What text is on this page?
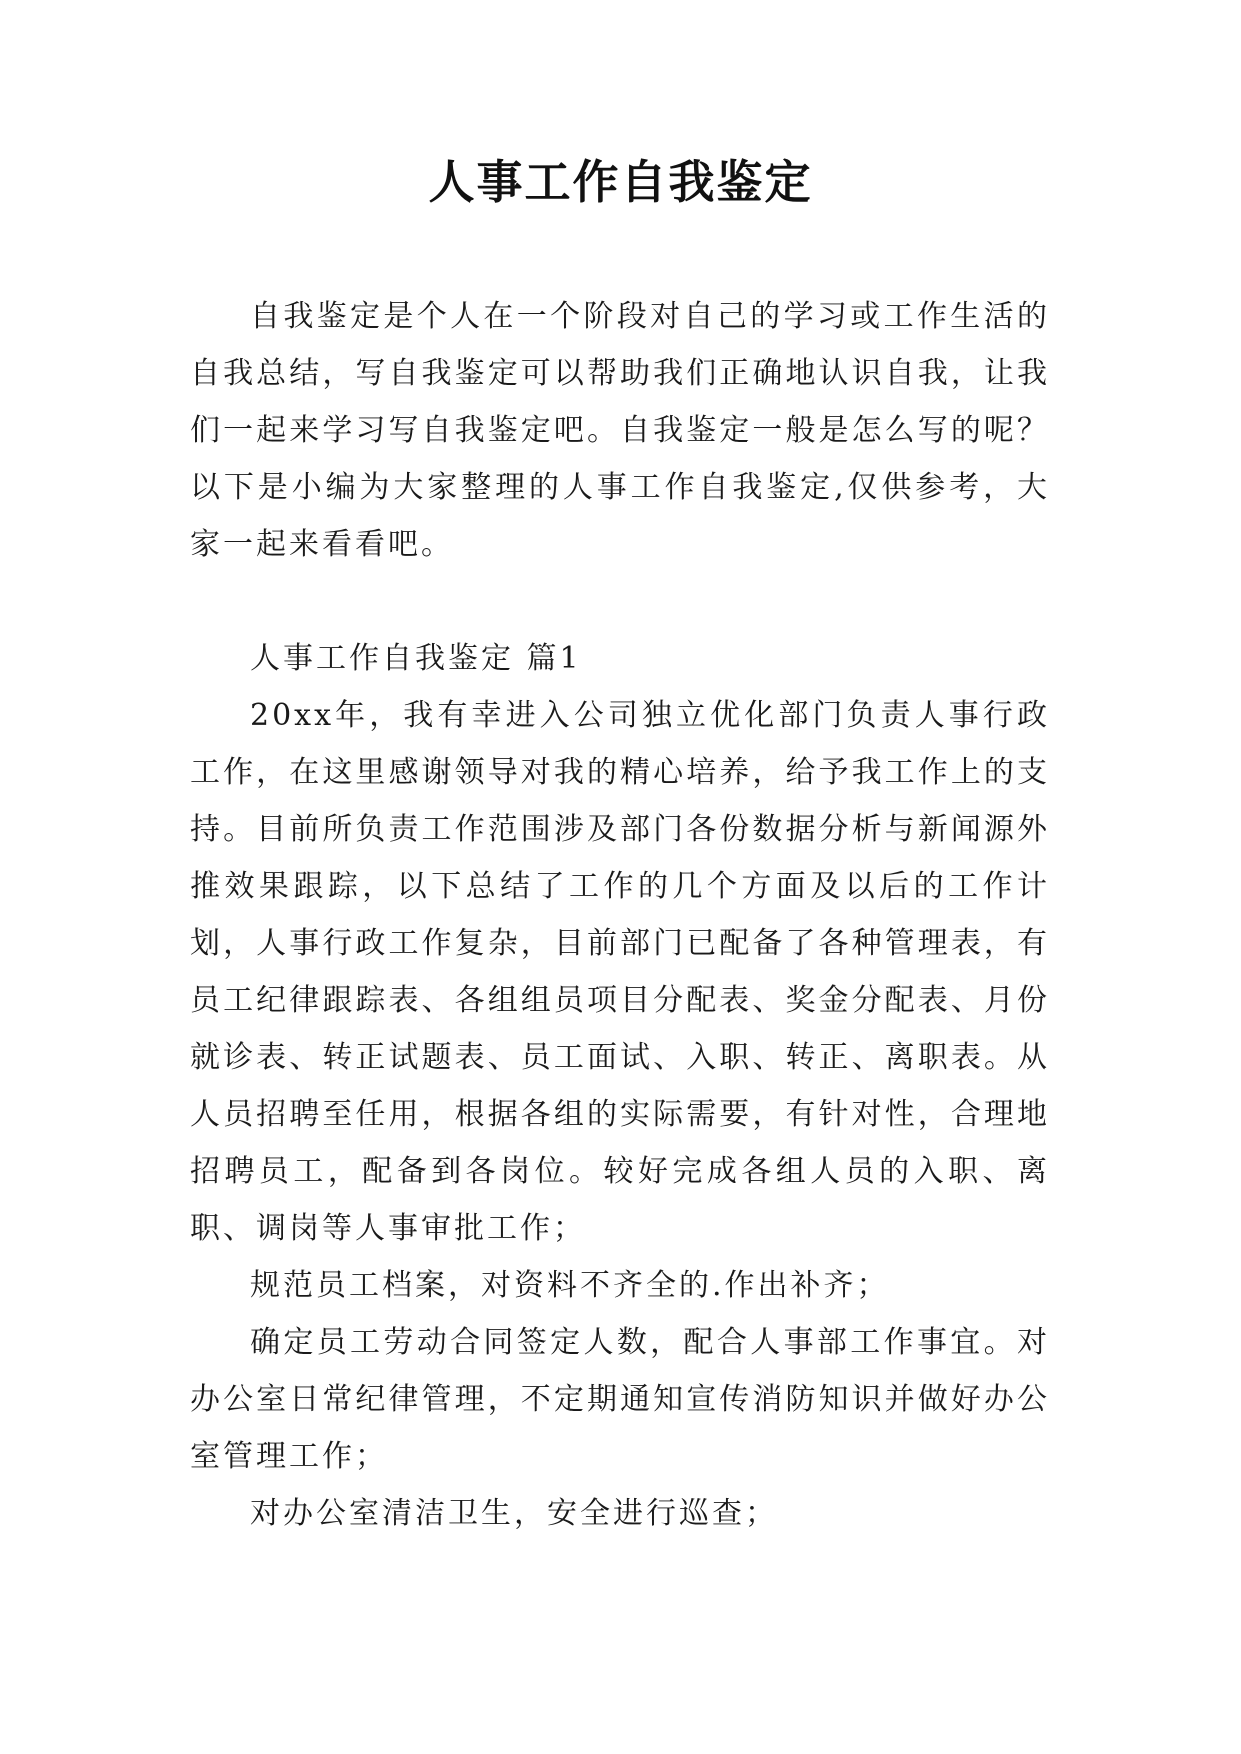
人事工作自我鉴定

自我鉴定是个人在一个阶段对自己的学习或工作生活的自我总结，写自我鉴定可以帮助我们正确地认识自我，让我们一起来学习写自我鉴定吧。自我鉴定一般是怎么写的呢？以下是小编为大家整理的人事工作自我鉴定,仅供参考，大家一起来看看吧。

人事工作自我鉴定 篇1

20xx年，我有幸进入公司独立优化部门负责人事行政工作，在这里感谢领导对我的精心培养，给予我工作上的支持。目前所负责工作范围涉及部门各份数据分析与新闻源外推效果跟踪，以下总结了工作的几个方面及以后的工作计划，人事行政工作复杂，目前部门已配备了各种管理表，有员工纪律跟踪表、各组组员项目分配表、奖金分配表、月份就诊表、转正试题表、员工面试、入职、转正、离职表。从人员招聘至任用，根据各组的实际需要，有针对性，合理地招聘员工，配备到各岗位。较好完成各组人员的入职、离职、调岗等人事审批工作；

规范员工档案，对资料不齐全的.作出补齐；

确定员工劳动合同签定人数，配合人事部工作事宜。对办公室日常纪律管理，不定期通知宣传消防知识并做好办公室管理工作；

对办公室清洁卫生，安全进行巡查；
